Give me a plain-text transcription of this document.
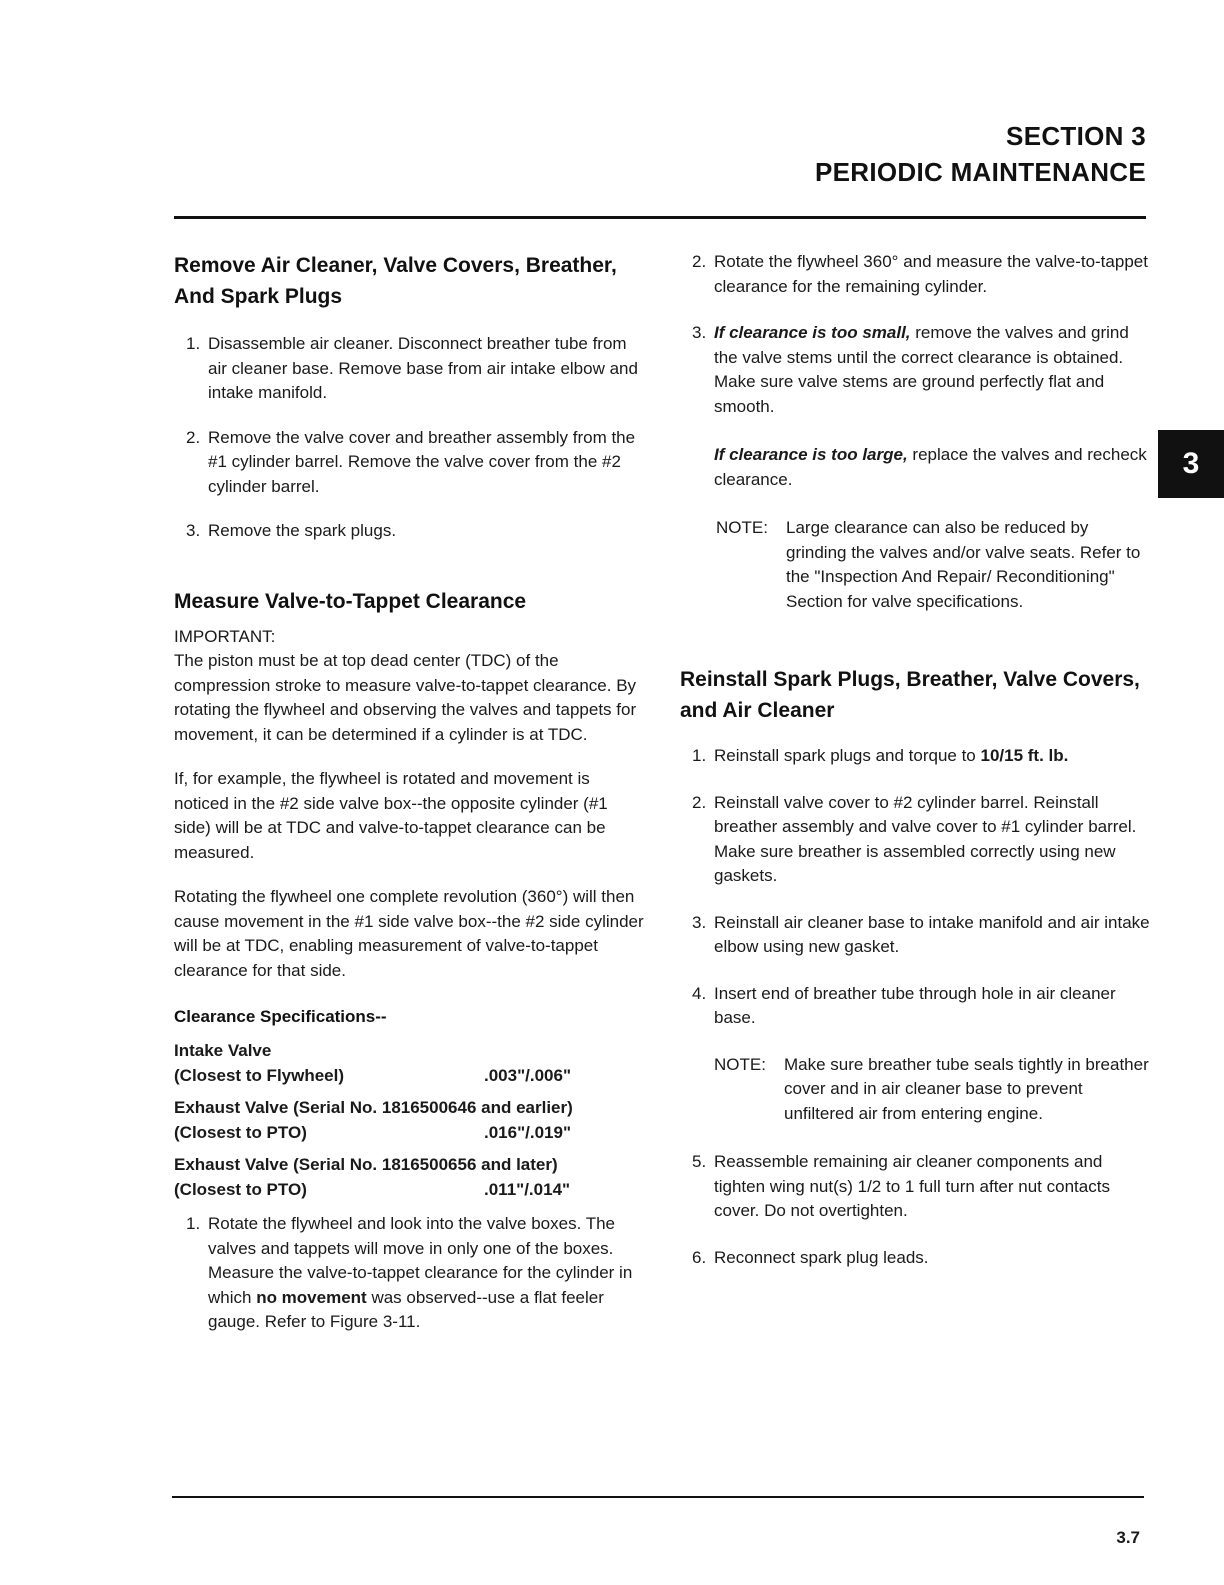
SECTION 3
PERIODIC MAINTENANCE
3
Remove Air Cleaner, Valve Covers, Breather, And Spark Plugs
1. Disassemble air cleaner. Disconnect breather tube from air cleaner base. Remove base from air intake elbow and intake manifold.
2. Remove the valve cover and breather assembly from the #1 cylinder barrel. Remove the valve cover from the #2 cylinder barrel.
3. Remove the spark plugs.
Measure Valve-to-Tappet Clearance

IMPORTANT:

The piston must be at top dead center (TDC) of the compression stroke to measure valve-to-tappet clearance. By rotating the flywheel and observing the valves and tappets for movement, it can be determined if a cylinder is at TDC.

If, for example, the flywheel is rotated and movement is noticed in the #2 side valve box--the opposite cylinder (#1 side) will be at TDC and valve-to-tappet clearance can be measured.

Rotating the flywheel one complete revolution (360°) will then cause movement in the #1 side valve box--the #2 side cylinder will be at TDC, enabling measurement of valve-to-tappet clearance for that side.

Clearance Specifications--
Intake Valve
(Closest to Flywheel)	.003"/.006"
Exhaust Valve (Serial No. 1816500646 and earlier)
(Closest to PTO)	.016"/.019"
Exhaust Valve (Serial No. 1816500656 and later)
(Closest to PTO)	.011"/.014"
1. Rotate the flywheel and look into the valve boxes. The valves and tappets will move in only one of the boxes. Measure the valve-to-tappet clearance for the cylinder in which no movement was observed--use a flat feeler gauge. Refer to Figure 3-11.
2. Rotate the flywheel 360° and measure the valve-to-tappet clearance for the remaining cylinder.
3. If clearance is too small, remove the valves and grind the valve stems until the correct clearance is obtained. Make sure valve stems are ground perfectly flat and smooth.

If clearance is too large, replace the valves and recheck clearance.

NOTE:	Large clearance can also be reduced by grinding the valves and/or valve seats. Refer to the "Inspection And Repair/ Reconditioning" Section for valve specifications.
Reinstall Spark Plugs, Breather, Valve Covers, and Air Cleaner
1. Reinstall spark plugs and torque to 10/15 ft. lb.
2. Reinstall valve cover to #2 cylinder barrel. Reinstall breather assembly and valve cover to #1 cylinder barrel. Make sure breather is assembled correctly using new gaskets.
3. Reinstall air cleaner base to intake manifold and air intake elbow using new gasket.
4. Insert end of breather tube through hole in air cleaner base.
NOTE:	Make sure breather tube seals tightly in breather cover and in air cleaner base to prevent unfiltered air from entering engine.
5. Reassemble remaining air cleaner components and tighten wing nut(s) 1/2 to 1 full turn after nut contacts cover. Do not overtighten.
6. Reconnect spark plug leads.
3.7
